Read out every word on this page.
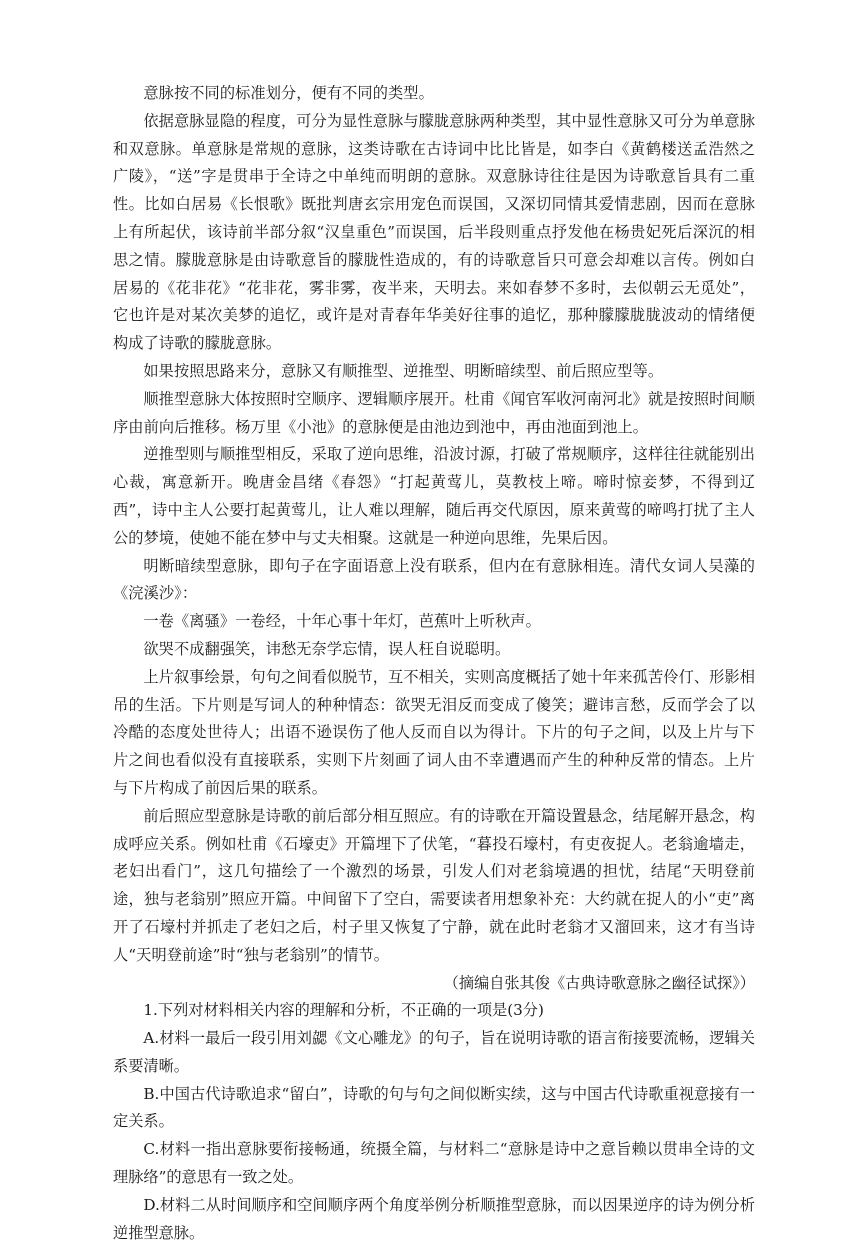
意脉按不同的标准划分，便有不同的类型。

依据意脉显隐的程度，可分为显性意脉与朦胧意脉两种类型，其中显性意脉又可分为单意脉和双意脉。单意脉是常规的意脉，这类诗歌在古诗词中比比皆是，如李白《黄鹤楼送孟浩然之广陵》，“送”字是贯串于全诗之中单纯而明朗的意脉。双意脉诗往往是因为诗歌意旨具有二重性。比如白居易《长恨歌》既批判唐玄宗用宠色而误国，又深切同情其爱情悲剧，因而在意脉上有所起伏，该诗前半部分叙“汉皇重色”而误国，后半段则重点抒发他在杨贵妃死后深沉的相思之情。朦胧意脉是由诗歌意旨的朦胧性造成的，有的诗歌意旨只可意会却难以言传。例如白居易的《花非花》“花非花，雾非雾，夜半来，天明去。来如春梦不多时，去似朝云无觅处”，它也许是对某次美梦的追忆，或许是对青春年华美好往事的追忆，那种朦朦胧胧波动的情绪便构成了诗歌的朦胧意脉。

如果按照思路来分，意脉又有顺推型、逆推型、明断暗续型、前后照应型等。

顺推型意脉大体按照时空顺序、逻辑顺序展开。杜甫《闻官军收河南河北》就是按照时间顺序由前向后推移。杨万里《小池》的意脉便是由池边到池中，再由池面到池上。

逆推型则与顺推型相反，采取了逆向思维，沿波讨源，打破了常规顺序，这样往往就能别出心裁，寓意新开。晚唐金昌绪《春怨》“打起黄莺儿，莫教枝上啼。啼时惊妾梦，不得到辽西”，诗中主人公要打起黄莺儿，让人难以理解，随后再交代原因，原来黄莺的啼鸣打扰了主人公的梦境，使她不能在梦中与丈夫相聚。这就是一种逆向思维，先果后因。

明断暗续型意脉，即句子在字面语意上没有联系，但内在有意脉相连。清代女词人吴藻的《浣溪沙》：

一卷《离骚》一卷经，十年心事十年灯，芭蕉叶上听秋声。

欲哭不成翻强笑，讳愁无奈学忘情，误人枉自说聪明。

上片叙事绘景，句句之间看似脱节，互不相关，实则高度概括了她十年来孤苦伶仃、形影相吊的生活。下片则是写词人的种种情态：欲哭无泪反而变成了傻笑；避讳言愁，反而学会了以冷酷的态度处世待人；出语不逊误伤了他人反而自以为得计。下片的句子之间，以及上片与下片之间也看似没有直接联系，实则下片刻画了词人由不幸遭遇而产生的种种反常的情态。上片与下片构成了前因后果的联系。

前后照应型意脉是诗歌的前后部分相互照应。有的诗歌在开篇设置悬念，结尾解开悬念，构成呼应关系。例如杜甫《石壕吏》开篇埋下了伏笔，“暮投石壕村，有吏夜捉人。老翁逾墙走，老妇出看门”，这几句描绘了一个激烈的场景，引发人们对老翁境遇的担忧，结尾“天明登前途，独与老翁别”照应开篇。中间留下了空白，需要读者用想象补充：大约就在捉人的小“吏”离开了石壕村并抓走了老妇之后，村子里又恢复了宁静，就在此时老翁才又溜回来，这才有当诗人“天明登前途”时“独与老翁别”的情节。

（摘编自张其俊《古典诗歌意脉之幽径试探》）

1.下列对材料相关内容的理解和分析，不正确的一项是(3分)

A.材料一最后一段引用刘勰《文心雕龙》的句子，旨在说明诗歌的语言衔接要流畅，逻辑关系要清晰。

B.中国古代诗歌追求“留白”，诗歌的句与句之间似断实续，这与中国古代诗歌重视意接有一定关系。

C.材料一指出意脉要衔接畅通，统摄全篇，与材料二“意脉是诗中之意旨赖以贯串全诗的文理脉络”的意思有一致之处。

D.材料二从时间顺序和空间顺序两个角度举例分析顺推型意脉，而以因果逆序的诗为例分析逆推型意脉。
